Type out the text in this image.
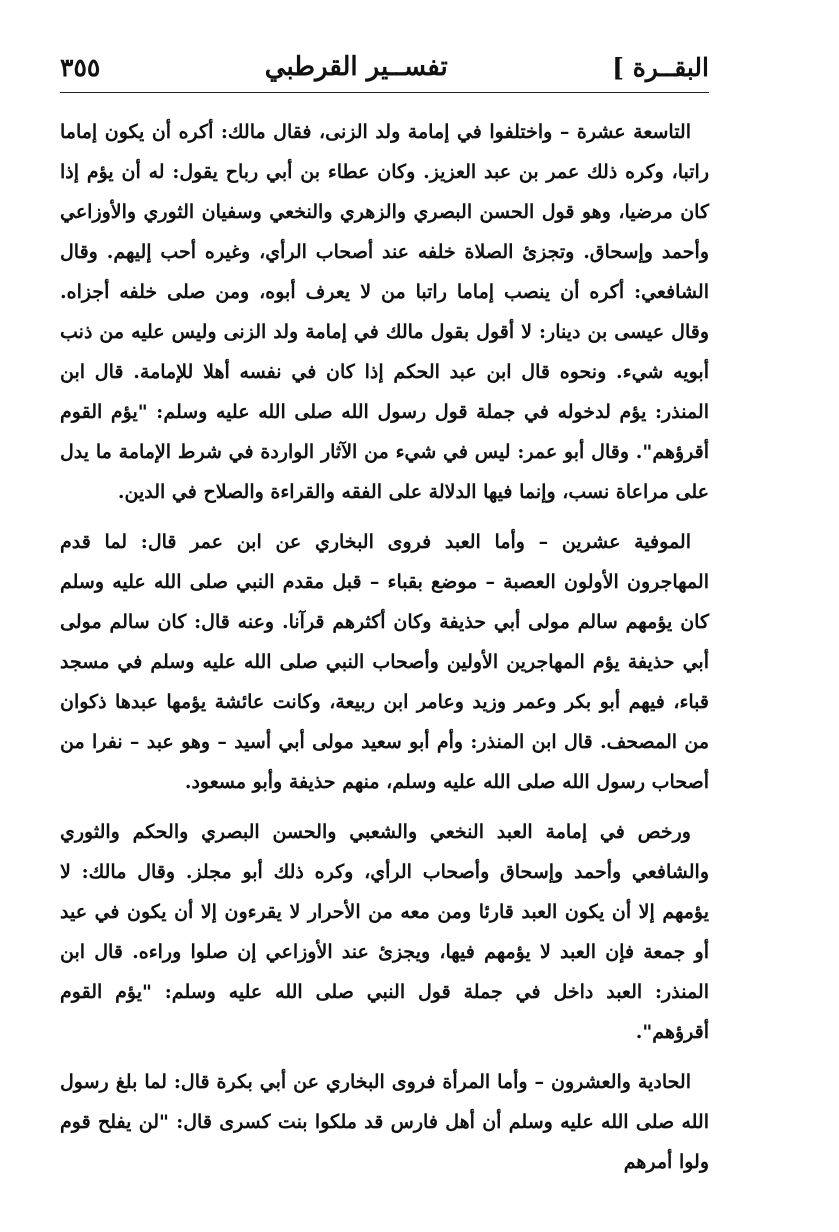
البقــرة ]
تفســير القرطبي
٣٥٥

التاسعة عشرة – واختلفوا في إمامة ولد الزنى، فقال مالك: أكره أن يكون إماما راتبا، وكره ذلك عمر بن عبد العزيز. وكان عطاء بن أبي رباح يقول: له أن يؤم إذا كان مرضيا، وهو قول الحسن البصري والزهري والنخعي وسفيان الثوري والأوزاعي وأحمد وإسحاق. وتجزئ الصلاة خلفه عند أصحاب الرأي، وغيره أحب إليهم. وقال الشافعي: أكره أن ينصب إماما راتبا من لا يعرف أبوه، ومن صلى خلفه أجزاه. وقال عيسى بن دينار: لا أقول بقول مالك في إمامة ولد الزنى وليس عليه من ذنب أبويه شيء. ونحوه قال ابن عبد الحكم إذا كان في نفسه أهلا للإمامة. قال ابن المنذر: يؤم لدخوله في جملة قول رسول الله صلى الله عليه وسلم: "يؤم القوم أقرؤهم". وقال أبو عمر: ليس في شيء من الآثار الواردة في شرط الإمامة ما يدل على مراعاة نسب، وإنما فيها الدلالة على الفقه والقراءة والصلاح في الدين.

الموفية عشرين – وأما العبد فروى البخاري عن ابن عمر قال: لما قدم المهاجرون الأولون العصبة – موضع بقباء – قبل مقدم النبي صلى الله عليه وسلم كان يؤمهم سالم مولى أبي حذيفة وكان أكثرهم قرآنا. وعنه قال: كان سالم مولى أبي حذيفة يؤم المهاجرين الأولين وأصحاب النبي صلى الله عليه وسلم في مسجد قباء، فيهم أبو بكر وعمر وزيد وعامر ابن ربيعة، وكانت عائشة يؤمها عبدها ذكوان من المصحف. قال ابن المنذر: وأم أبو سعيد مولى أبي أسيد – وهو عبد – نفرا من أصحاب رسول الله صلى الله عليه وسلم، منهم حذيفة وأبو مسعود.

ورخص في إمامة العبد النخعي والشعبي والحسن البصري والحكم والثوري والشافعي وأحمد وإسحاق وأصحاب الرأي، وكره ذلك أبو مجلز. وقال مالك: لا يؤمهم إلا أن يكون العبد قارئا ومن معه من الأحرار لا يقرءون إلا أن يكون في عيد أو جمعة فإن العبد لا يؤمهم فيها، ويجزئ عند الأوزاعي إن صلوا وراءه. قال ابن المنذر: العبد داخل في جملة قول النبي صلى الله عليه وسلم: "يؤم القوم أقرؤهم".

الحادية والعشرون – وأما المرأة فروى البخاري عن أبي بكرة قال: لما بلغ رسول الله صلى الله عليه وسلم أن أهل فارس قد ملكوا بنت كسرى قال: "لن يفلح قوم ولوا أمرهم
